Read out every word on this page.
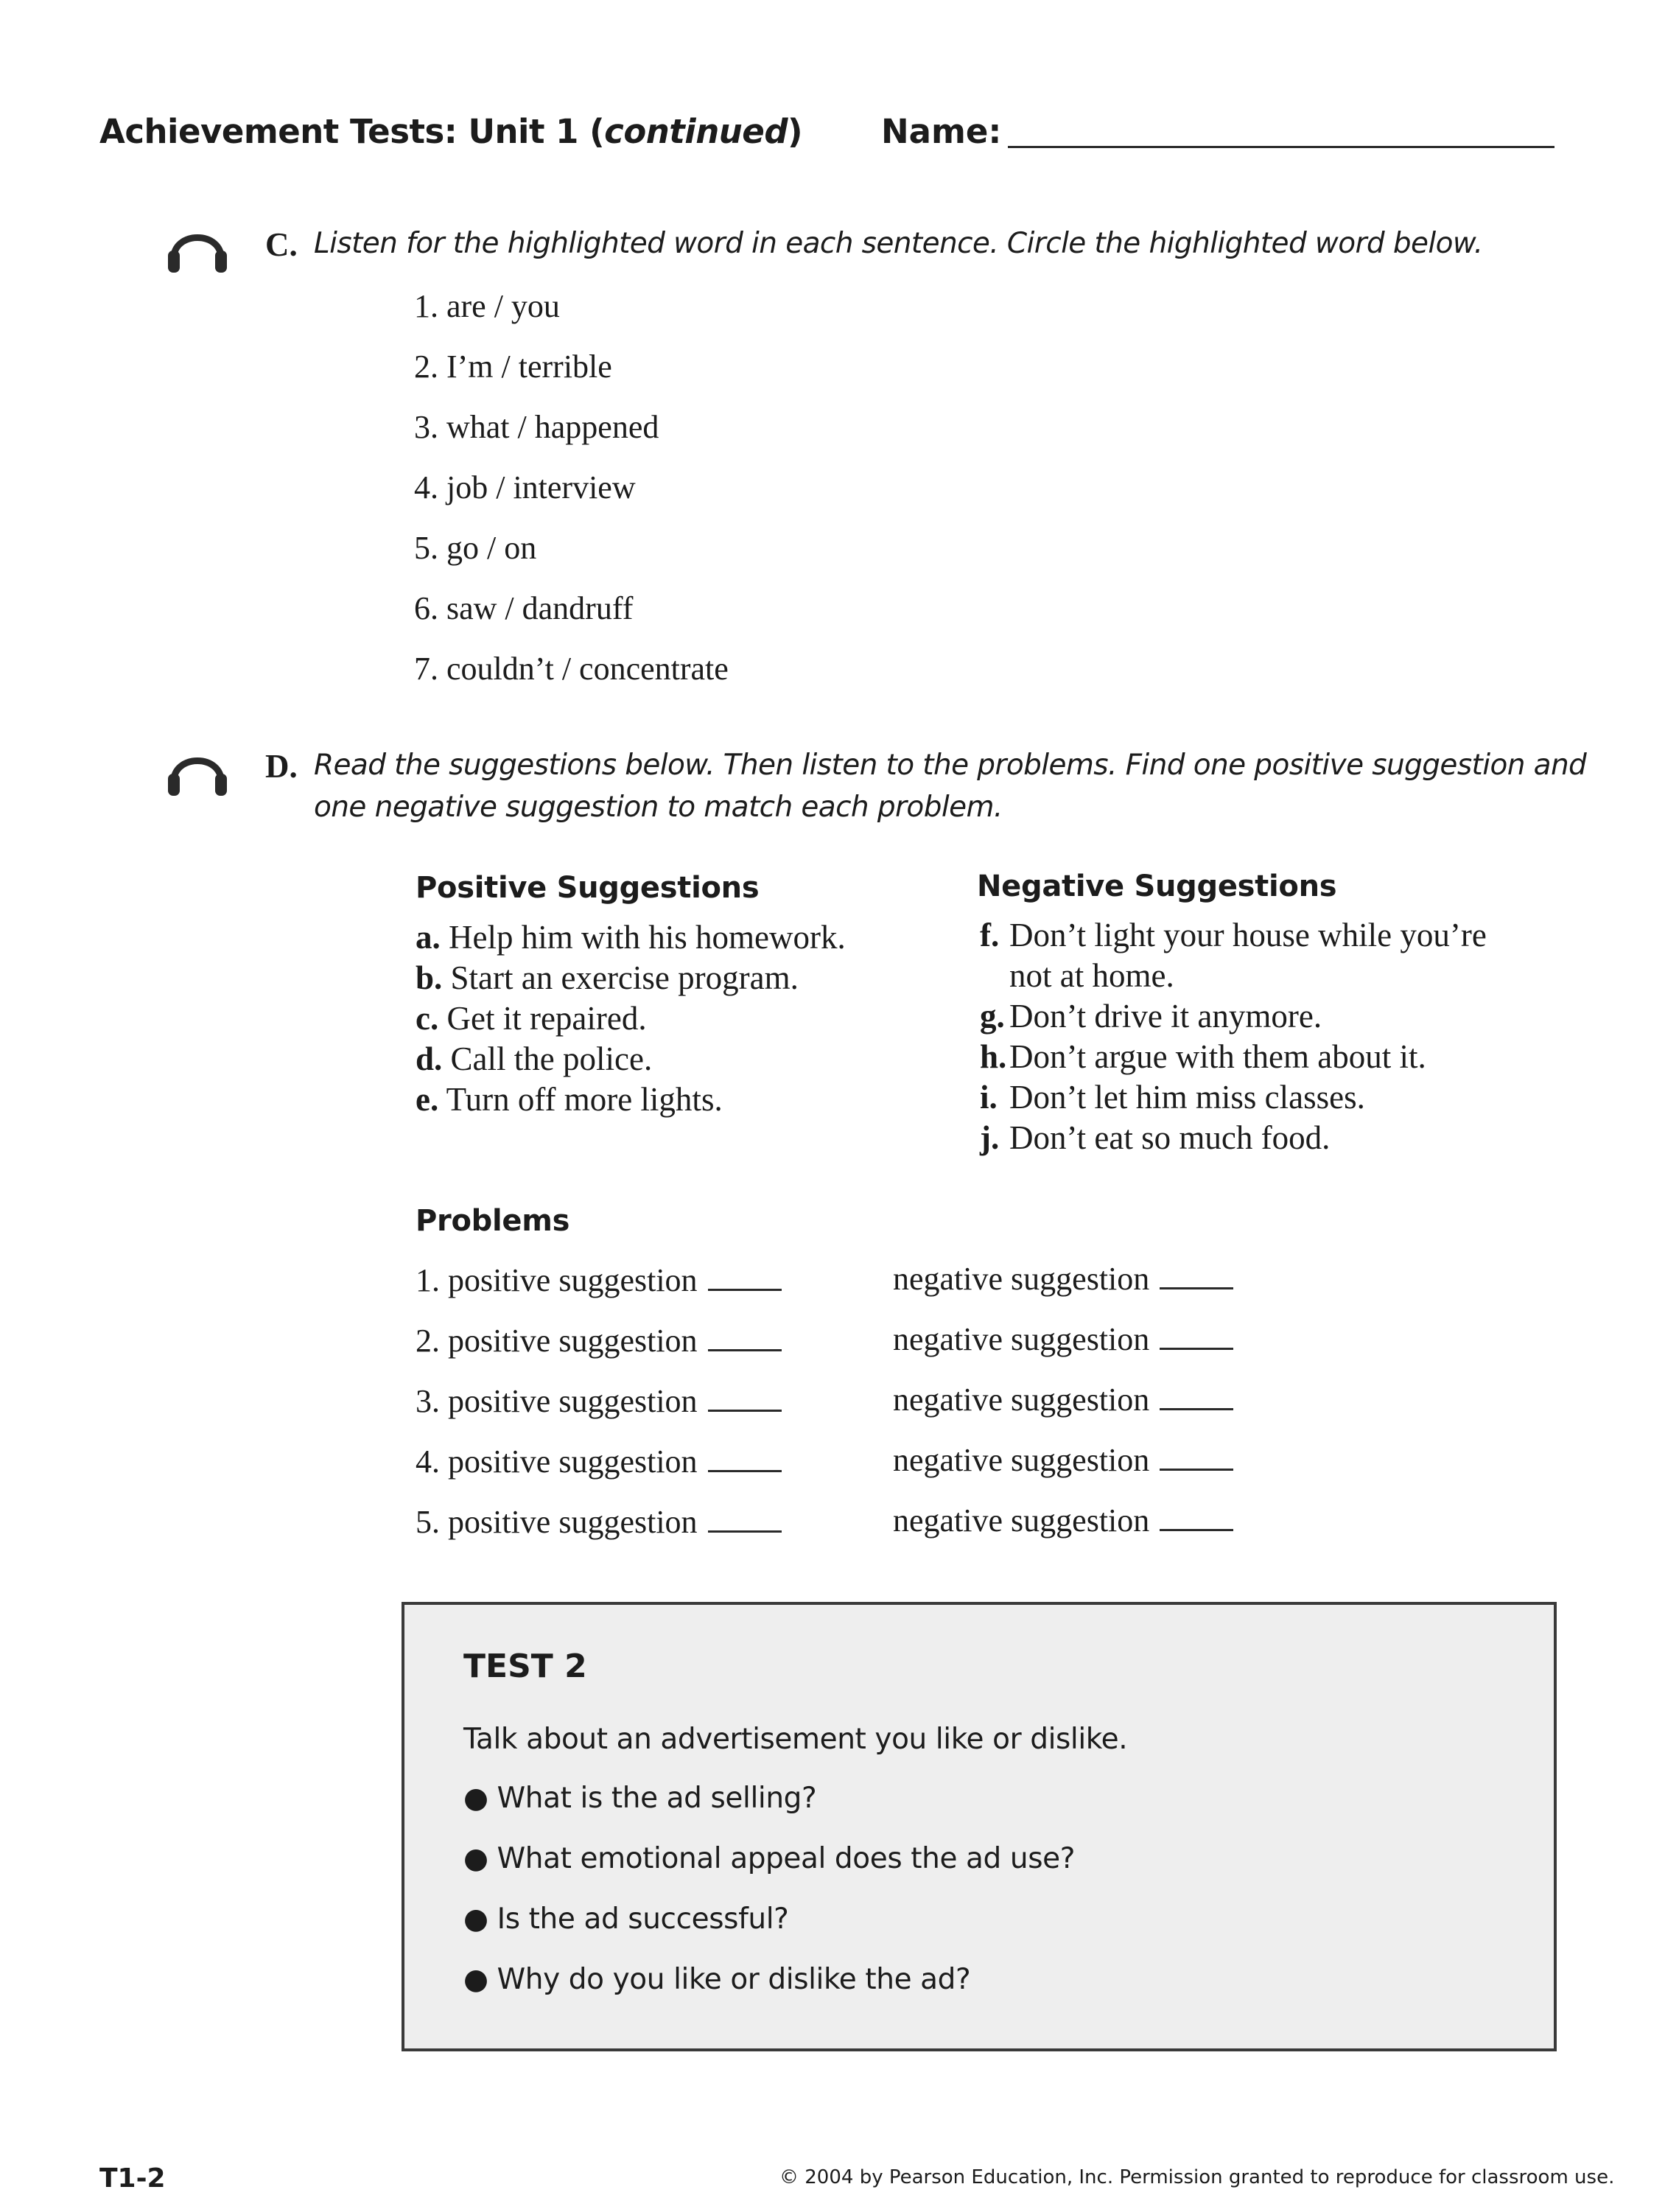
Achievement Tests: Unit 1 (continued) Name:
C. Listen for the highlighted word in each sentence. Circle the highlighted word below.
1. are / you
2. I’m / terrible
3. what / happened
4. job / interview
5. go / on
6. saw / dandruff
7. couldn’t / concentrate
D. Read the suggestions below. Then listen to the problems. Find one positive suggestion and
one negative suggestion to match each problem.
Positive Suggestions	Negative Suggestions
a. Help him with his homework.
b. Start an exercise program.
c. Get it repaired.
d. Call the police.
e. Turn off more lights.
f. Don’t light your house while you’re
not at home.
g. Don’t drive it anymore.
h.Don’t argue with them about it.
i. Don’t let him miss classes.
j. Don’t eat so much food.
Problems
1. positive suggestion	negative suggestion
2. positive suggestion	negative suggestion
3. positive suggestion	negative suggestion
4. positive suggestion	negative suggestion
5. positive suggestion	negative suggestion
TEST 2
Talk about an advertisement you like or dislike.
● What is the ad selling?
● What emotional appeal does the ad use?
● Is the ad successful?
● Why do you like or dislike the ad?
T1-2	© 2004 by Pearson Education, Inc. Permission granted to reproduce for classroom use.
